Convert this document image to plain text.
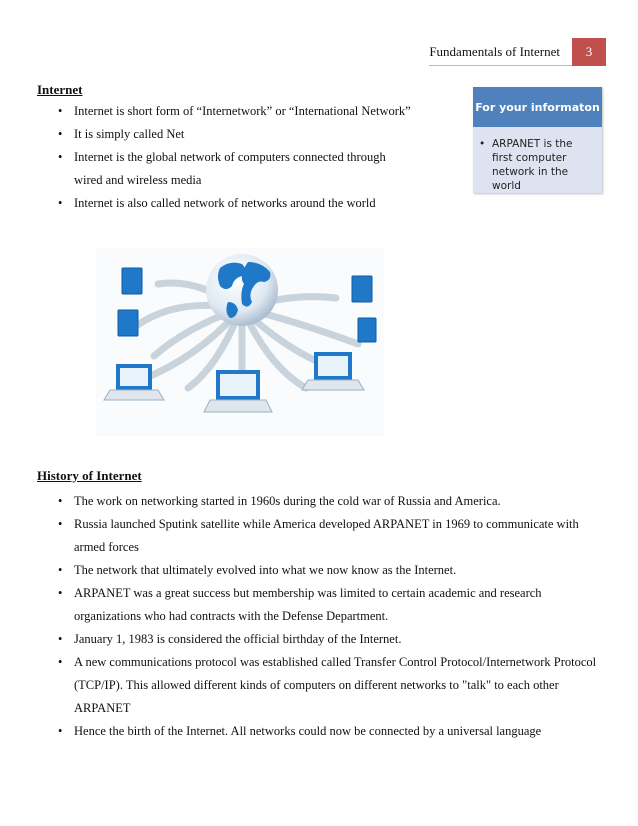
Fundamentals of Internet	3
Internet
• Internet is short form of “Internetwork” or “International Network”
• It is simply called Net
• Internet is the global network of computers connected through
wired and wireless media
• Internet is also called network of networks around the world
For your informaton
• ARPANET is the first computer network in the world
History of Internet
• The work on networking started in 1960s during the cold war of Russia and America.
• Russia launched Sputink satellite while America developed ARPANET in 1969 to communicate with
armed forces
• The network that ultimately evolved into what we now know as the Internet.
• ARPANET was a great success but membership was limited to certain academic and research
organizations who had contracts with the Defense Department.
• January 1, 1983 is considered the official birthday of the Internet.
• A new communications protocol was established called Transfer Control Protocol/Internetwork Protocol
(TCP/IP). This allowed different kinds of computers on different networks to "talk" to each other
ARPANET
• Hence the birth of the Internet. All networks could now be connected by a universal language
